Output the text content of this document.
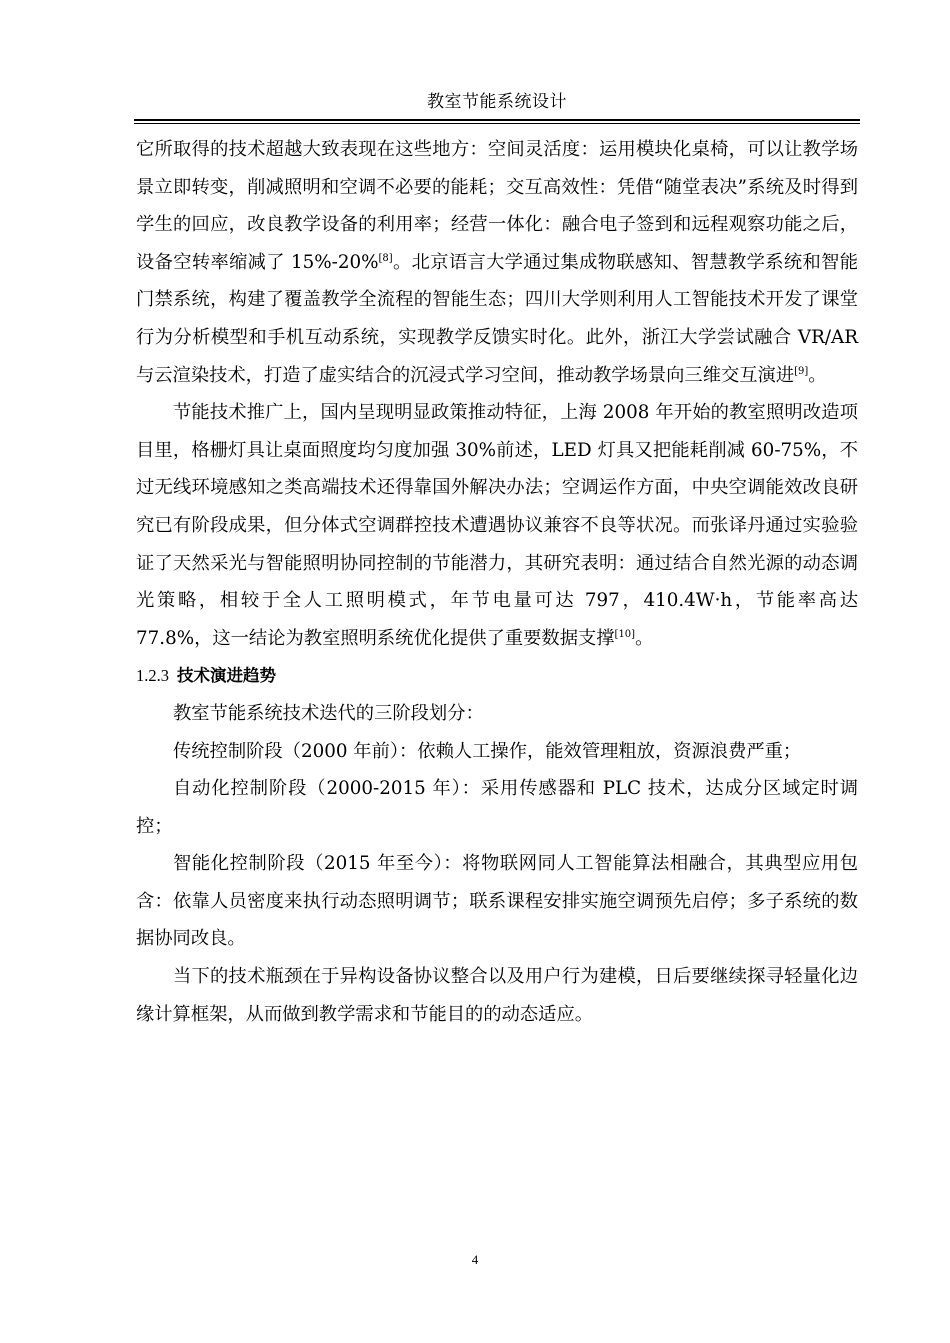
教室节能系统设计

它所取得的技术超越大致表现在这些地方：空间灵活度：运用模块化桌椅，可以让教学场景立即转变，削减照明和空调不必要的能耗；交互高效性：凭借“随堂表决”系统及时得到学生的回应，改良教学设备的利用率；经营一体化：融合电子签到和远程观察功能之后，设备空转率缩减了 15%-20%[8]。北京语言大学通过集成物联感知、智慧教学系统和智能门禁系统，构建了覆盖教学全流程的智能生态；四川大学则利用人工智能技术开发了课堂行为分析模型和手机互动系统，实现教学反馈实时化。此外，浙江大学尝试融合 VR/AR 与云渲染技术，打造了虚实结合的沉浸式学习空间，推动教学场景向三维交互演进[9]。

节能技术推广上，国内呈现明显政策推动特征，上海 2008 年开始的教室照明改造项目里，格栅灯具让桌面照度均匀度加强 30%前述，LED 灯具又把能耗削减 60-75%，不过无线环境感知之类高端技术还得靠国外解决办法；空调运作方面，中央空调能效改良研究已有阶段成果，但分体式空调群控技术遭遇协议兼容不良等状况。而张译丹通过实验验证了天然采光与智能照明协同控制的节能潜力，其研究表明：通过结合自然光源的动态调光策略，相较于全人工照明模式，年节电量可达 797，410.4W·h，节能率高达 77.8%，这一结论为教室照明系统优化提供了重要数据支撑[10]。

1.2.3 技术演进趋势

教室节能系统技术迭代的三阶段划分：

传统控制阶段（2000 年前）：依赖人工操作，能效管理粗放，资源浪费严重；

自动化控制阶段（2000-2015 年）：采用传感器和 PLC 技术，达成分区域定时调控；

智能化控制阶段（2015 年至今）：将物联网同人工智能算法相融合，其典型应用包含：依靠人员密度来执行动态照明调节；联系课程安排实施空调预先启停；多子系统的数据协同改良。

当下的技术瓶颈在于异构设备协议整合以及用户行为建模，日后要继续探寻轻量化边缘计算框架，从而做到教学需求和节能目的的动态适应。

4
